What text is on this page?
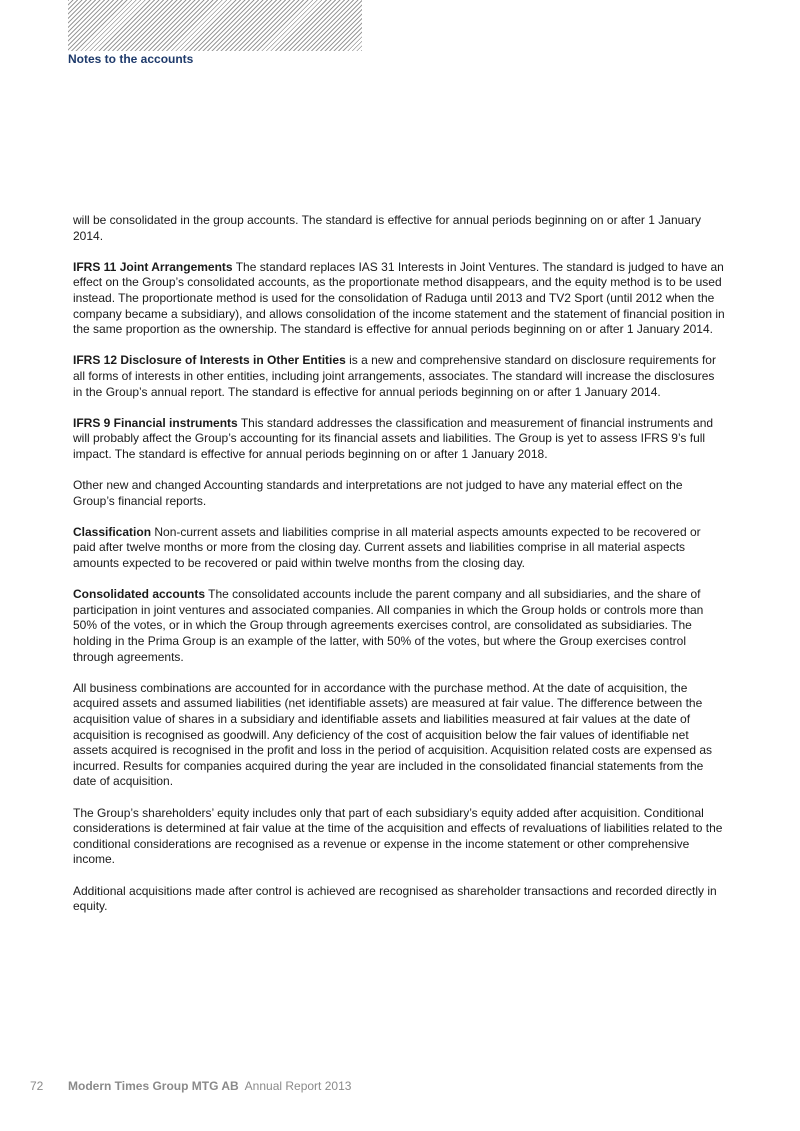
Notes to the accounts

will be consolidated in the group accounts. The standard is effective for annual periods beginning on or after 1 January 2014.

IFRS 11 Joint Arrangements The standard replaces IAS 31 Interests in Joint Ventures. The standard is judged to have an effect on the Group’s consolidated accounts, as the proportionate method disappears, and the equity method is to be used instead. The proportionate method is used for the consolidation of Raduga until 2013 and TV2 Sport (until 2012 when the company became a subsidiary), and allows consolidation of the income statement and the statement of financial position in the same proportion as the ownership. The standard is effective for annual periods beginning on or after 1 January 2014.

IFRS 12 Disclosure of Interests in Other Entities is a new and comprehensive standard on disclosure requirements for all forms of interests in other entities, including joint arrangements, associates. The standard will increase the disclosures in the Group’s annual report. The standard is effective for annual periods beginning on or after 1 January 2014.

IFRS 9 Financial instruments This standard addresses the classification and measurement of financial instruments and will probably affect the Group’s accounting for its financial assets and liabilities. The Group is yet to assess IFRS 9’s full impact. The standard is effective for annual periods beginning on or after 1 January 2018.

Other new and changed Accounting standards and interpretations are not judged to have any material effect on the Group’s financial reports.

Classification Non-current assets and liabilities comprise in all material aspects amounts expected to be recovered or paid after twelve months or more from the closing day. Current assets and liabilities comprise in all material aspects amounts expected to be recovered or paid within twelve months from the closing day.

Consolidated accounts The consolidated accounts include the parent company and all subsidiaries, and the share of participation in joint ventures and associated companies. All companies in which the Group holds or controls more than 50% of the votes, or in which the Group through agreements exercises control, are consolidated as subsidiaries. The holding in the Prima Group is an example of the latter, with 50% of the votes, but where the Group exercises control through agreements.

All business combinations are accounted for in accordance with the purchase method. At the date of acquisition, the acquired assets and assumed liabilities (net identifiable assets) are measured at fair value. The difference between the acquisition value of shares in a subsidiary and identifiable assets and liabilities measured at fair values at the date of acquisition is recognised as goodwill. Any deficiency of the cost of acquisition below the fair values of identifiable net assets acquired is recognised in the profit and loss in the period of acquisition. Acquisition related costs are expensed as incurred. Results for companies acquired during the year are included in the consolidated financial statements from the date of acquisition.

The Group’s shareholders’ equity includes only that part of each subsidiary’s equity added after acquisition. Conditional considerations is determined at fair value at the time of the acquisition and effects of revaluations of liabilities related to the conditional considerations are recognised as a revenue or expense in the income statement or other comprehensive income.

Additional acquisitions made after control is achieved are recognised as shareholder transactions and recorded directly in equity.

72 Modern Times Group MTG AB Annual Report 2013
